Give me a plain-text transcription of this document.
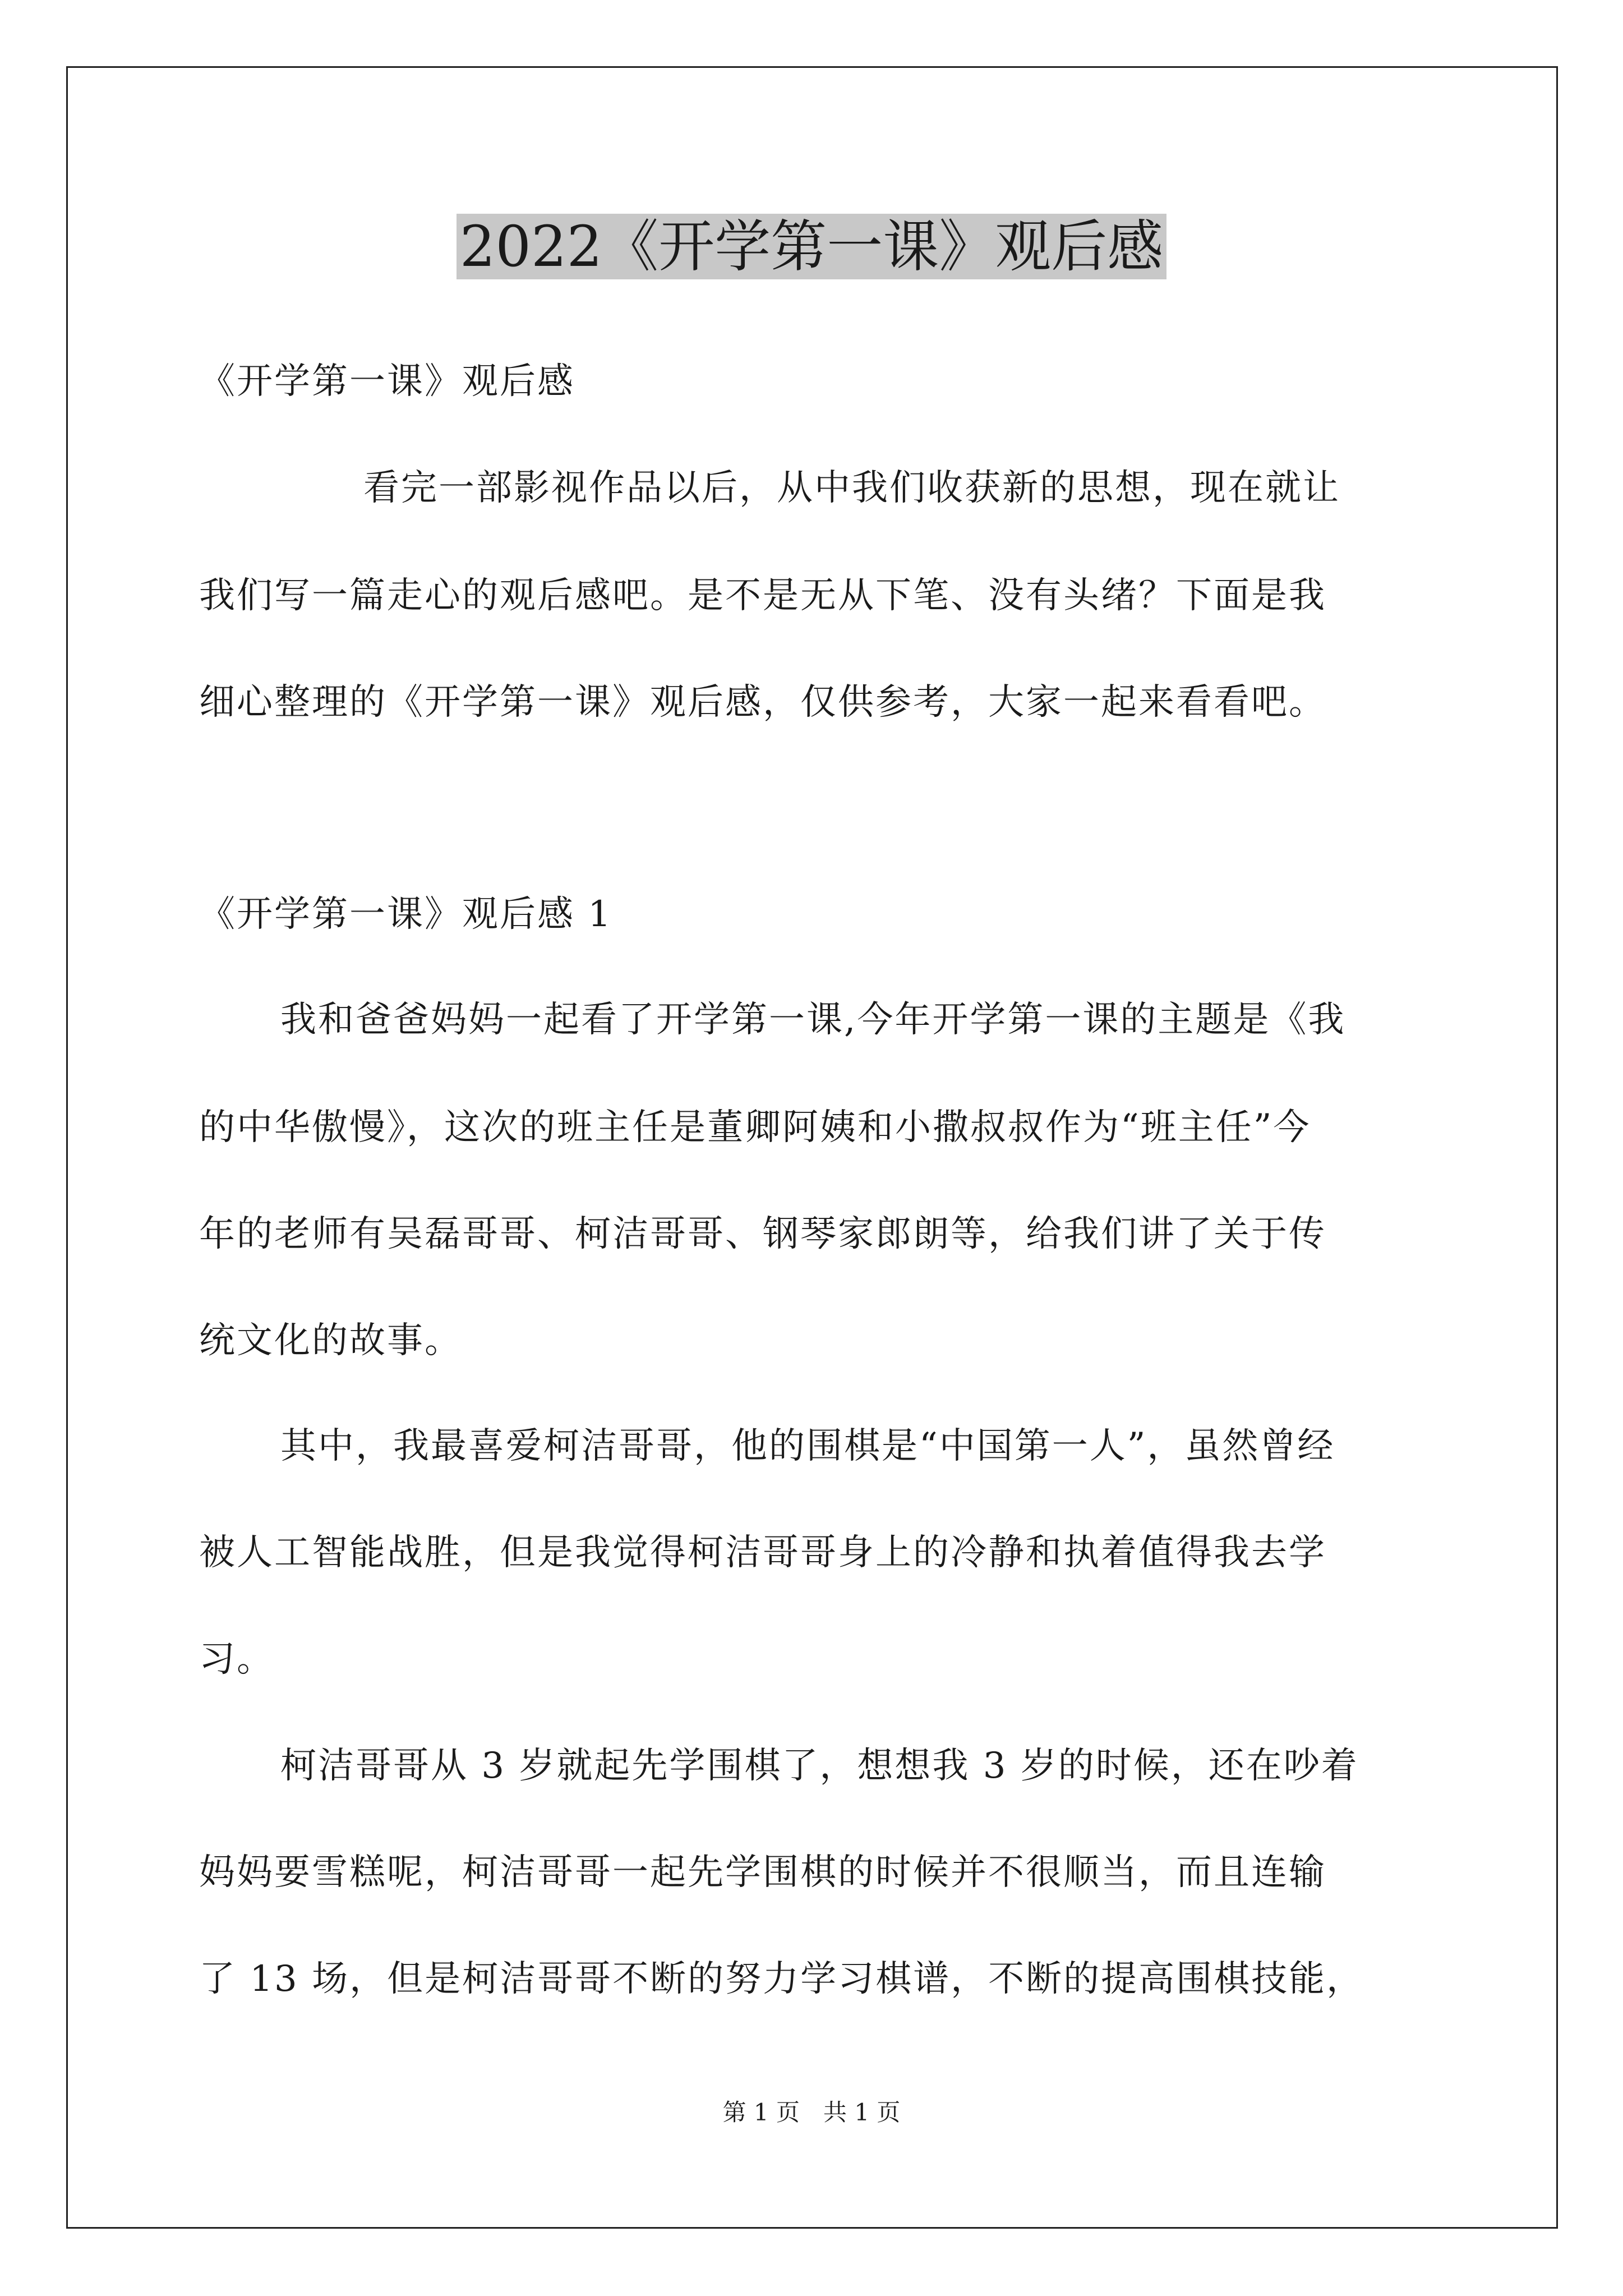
2022《开学第一课》观后感

《开学第一课》观后感

看完一部影视作品以后，从中我们收获新的思想，现在就让

我们写一篇走心的观后感吧。是不是无从下笔、没有头绪？下面是我

细心整理的《开学第一课》观后感，仅供参考，大家一起来看看吧。

《开学第一课》观后感 1

我和爸爸妈妈一起看了开学第一课,今年开学第一课的主题是《我

的中华傲慢》，这次的班主任是董卿阿姨和小撒叔叔作为“班主任”今

年的老师有吴磊哥哥、柯洁哥哥、钢琴家郎朗等，给我们讲了关于传

统文化的故事。

其中，我最喜爱柯洁哥哥，他的围棋是“中国第一人”，虽然曾经

被人工智能战胜，但是我觉得柯洁哥哥身上的冷静和执着值得我去学

习。

柯洁哥哥从 3 岁就起先学围棋了，想想我 3 岁的时候，还在吵着

妈妈要雪糕呢，柯洁哥哥一起先学围棋的时候并不很顺当，而且连输

了 13 场，但是柯洁哥哥不断的努力学习棋谱，不断的提高围棋技能，

第 1 页　共 1 页
